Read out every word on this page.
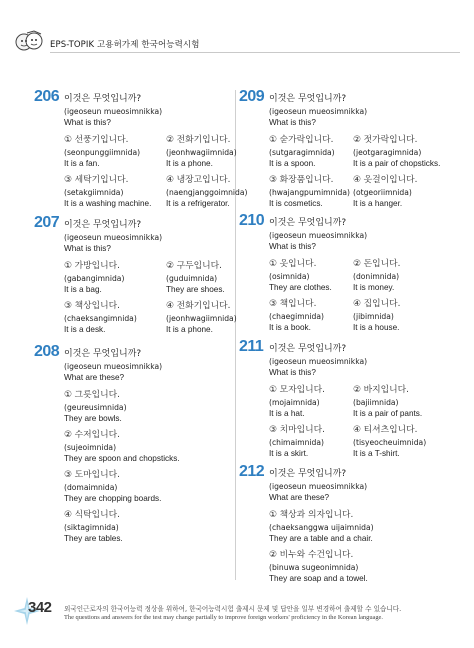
EPS-TOPIK 고용허가제 한국어능력시험
206 이것은 무엇입니까?
(igeoseun mueosimnikka)
What is this?
① 선풍기입니다.
(seonpunggiimnida)
It is a fan.
② 전화기입니다.
(jeonhwagiimnida)
It is a phone.
③ 세탁기입니다.
(setakgiimnida)
It is a washing machine.
④ 냉장고입니다.
(naengjanggoimnida)
It is a refrigerator.
207 이것은 무엇입니까?
(igeoseun mueosimnikka)
What is this?
① 가방입니다.
(gabangimnida)
It is a bag.
② 구두입니다.
(guduimnida)
They are shoes.
③ 책상입니다.
(chaeksangimnida)
It is a desk.
④ 전화기입니다.
(jeonhwagiimnida)
It is a phone.
208 이것은 무엇입니까?
(igeoseun mueosimnikka)
What are these?
① 그릇입니다.
(geureusimnida)
They are bowls.
② 수저입니다.
(sujeoimnida)
They are spoon and chopsticks.
③ 도마입니다.
(domaimnida)
They are chopping boards.
④ 식탁입니다.
(siktagimnida)
They are tables.
209 이것은 무엇입니까?
(igeoseun mueosimnikka)
What is this?
① 숟가락입니다.
(sutgaragimnida)
It is a spoon.
② 젓가락입니다.
(jeotgaragimnida)
It is a pair of chopsticks.
③ 화장품입니다.
(hwajangpumimnida)
It is cosmetics.
④ 옷걸이입니다.
(otgeoriimnida)
It is a hanger.
210 이것은 무엇입니까?
(igeoseun mueosimnikka)
What is this?
① 옷입니다.
(osimnida)
They are clothes.
② 돈입니다.
(donimnida)
It is money.
③ 책입니다.
(chaegimnida)
It is a book.
④ 집입니다.
(jibimnida)
It is a house.
211 이것은 무엇입니까?
(igeoseun mueosimnikka)
What is this?
① 모자입니다.
(mojaimnida)
It is a hat.
② 바지입니다.
(bajiimnida)
It is a pair of pants.
③ 치마입니다.
(chimaimnida)
It is a skirt.
④ 티셔츠입니다.
(tisyeocheuimnida)
It is a T-shirt.
212 이것은 무엇입니까?
(igeoseun mueosimnikka)
What are these?
① 책상과 의자입니다.
(chaeksanggwa uijaimnida)
They are a table and a chair.
② 비누와 수건입니다.
(binuwa sugeonimnida)
They are soap and a towel.
342 외국인근로자의 한국어능력 정상을 위하여, 한국어능력시험 출제시 문제 및 답안을 일부 변경하여 출제할 수 있습니다.
The questions and answers for the test may change partially to improve foreign workers' proficiency in the Korean language.
